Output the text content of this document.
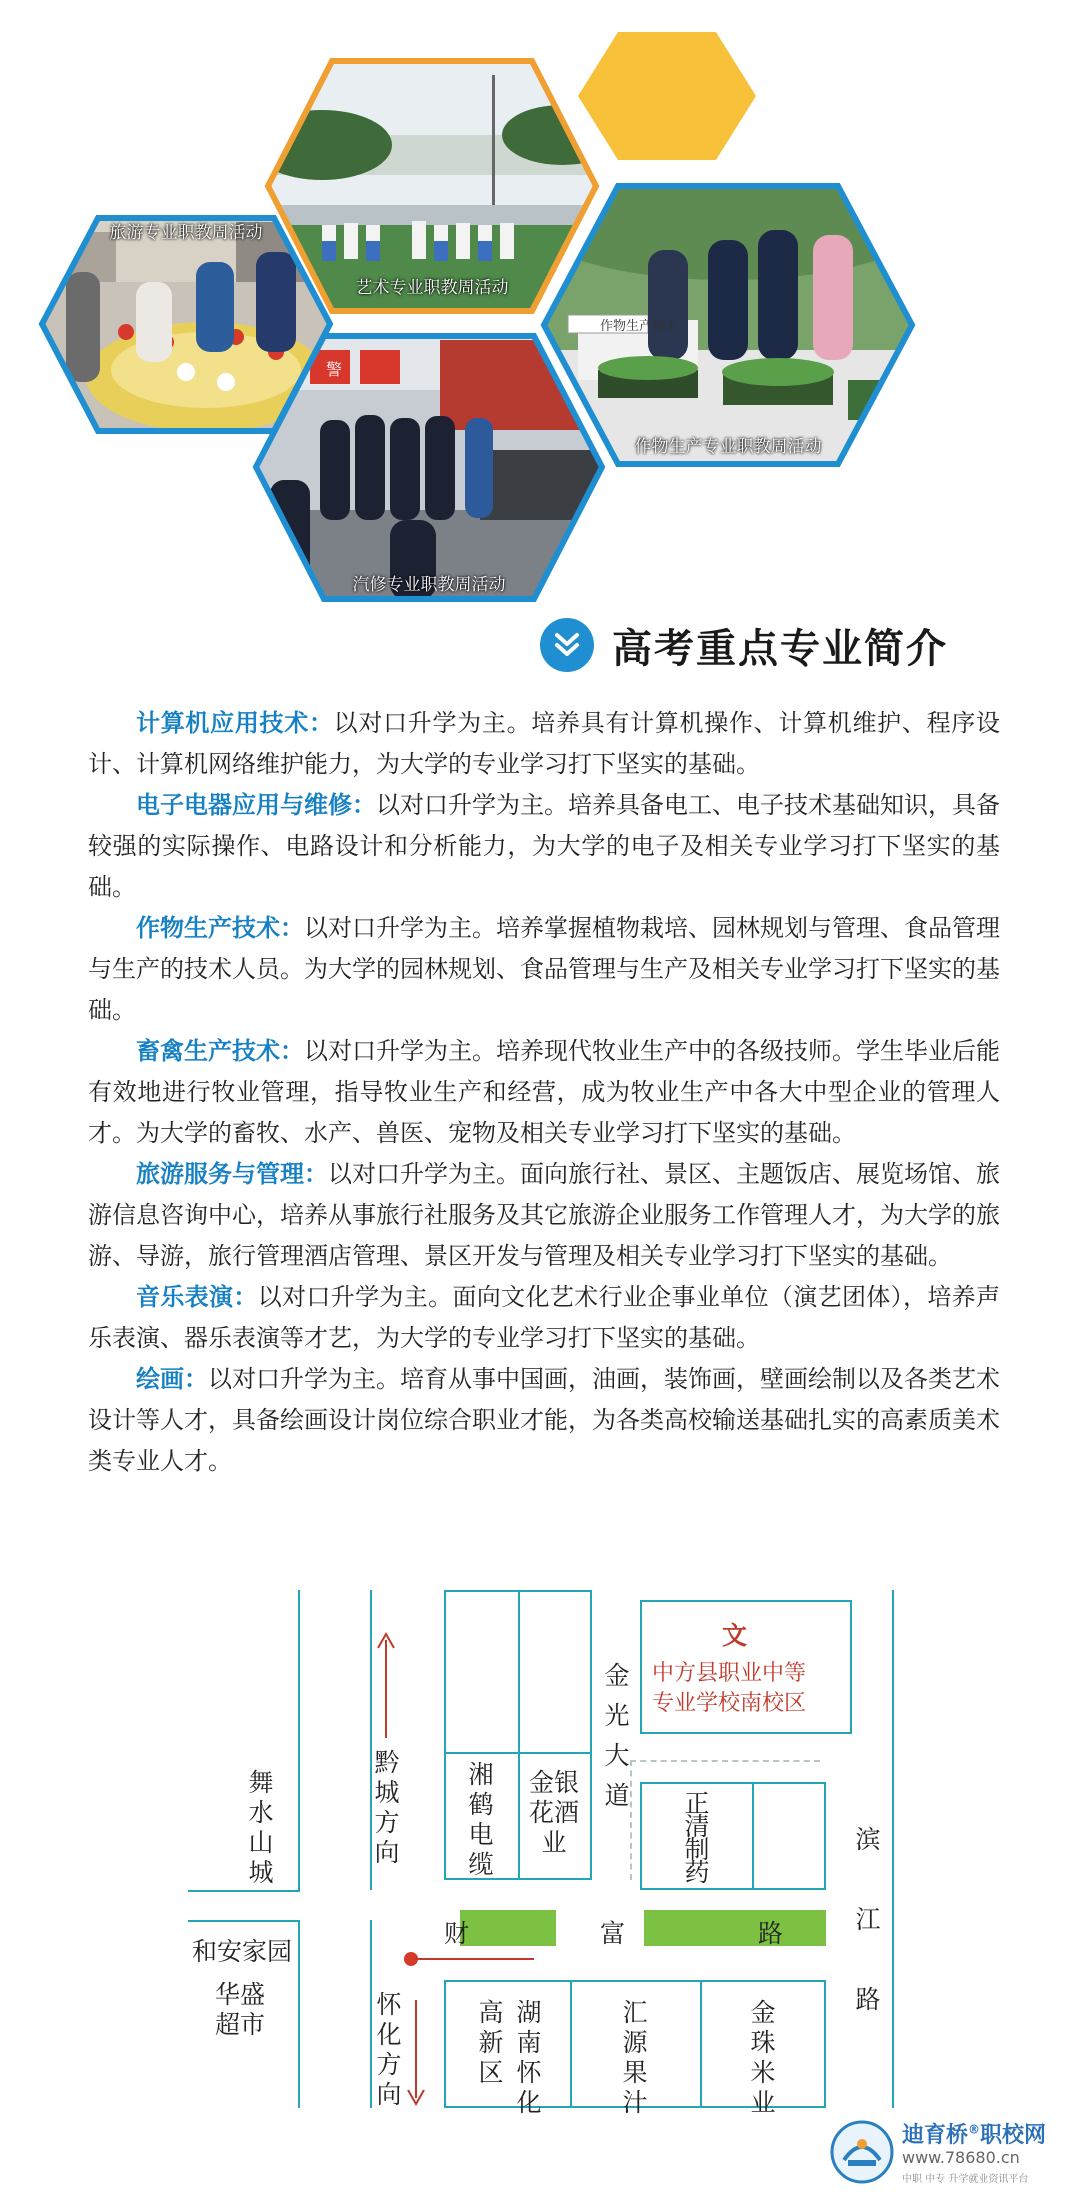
旅游专业职教周活动
艺术专业职教周活动
作物生产技术
作物生产专业职教周活动
警
汽修专业职教周活动
高考重点专业简介

计算机应用技术：以对口升学为主。培养具有计算机操作、计算机维护、程序设计、计算机网络维护能力，为大学的专业学习打下坚实的基础。

电子电器应用与维修：以对口升学为主。培养具备电工、电子技术基础知识，具备较强的实际操作、电路设计和分析能力，为大学的电子及相关专业学习打下坚实的基础。

作物生产技术：以对口升学为主。培养掌握植物栽培、园林规划与管理、食品管理与生产的技术人员。为大学的园林规划、食品管理与生产及相关专业学习打下坚实的基础。

畜禽生产技术：以对口升学为主。培养现代牧业生产中的各级技师。学生毕业后能有效地进行牧业管理，指导牧业生产和经营，成为牧业生产中各大中型企业的管理人才。为大学的畜牧、水产、兽医、宠物及相关专业学习打下坚实的基础。

旅游服务与管理：以对口升学为主。面向旅行社、景区、主题饭店、展览场馆、旅游信息咨询中心，培养从事旅行社服务及其它旅游企业服务工作管理人才，为大学的旅游、导游，旅行管理酒店管理、景区开发与管理及相关专业学习打下坚实的基础。

音乐表演：以对口升学为主。面向文化艺术行业企事业单位（演艺团体），培养声乐表演、器乐表演等才艺，为大学的专业学习打下坚实的基础。

绘画：以对口升学为主。培育从事中国画，油画，装饰画，壁画绘制以及各类艺术设计等人才，具备绘画设计岗位综合职业才能，为各类高校输送基础扎实的高素质美术类专业人才。

黔城方向
怀化方向
舞水山城
和安家园
华盛超市
湘鹤电缆
金银花酒业
金光大道
文
中方县职业中等
专业学校南校区
正清制药
滨江路
财	富	路
高新区
湖南怀化
汇源果汁
金珠米业
迪育桥®职校网
www.78680.cn
中职 中专 升学就业资讯平台
